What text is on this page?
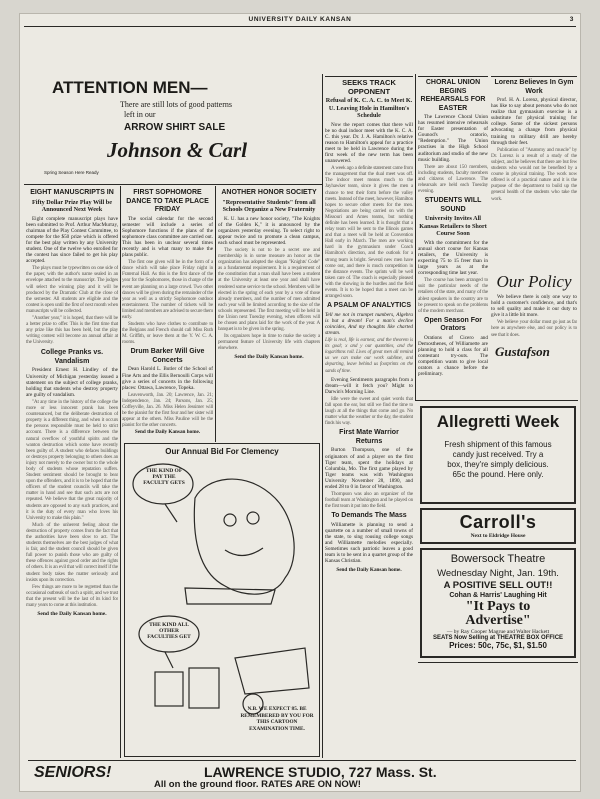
UNIVERSITY DAILY KANSAN	3
ATTENTION MEN—
There are still lots of good patterns
left in our
ARROW SHIRT SALE
Johnson & Carl
Spring Season Here Ready
EIGHT MANUSCRIPTS IN
Fifty Dollar Prize Play Will be Announced Next Week

Eight complete manuscript plays have been submitted to Prof. Arthur MacMurray, chairman of the Play Contest Committee, to compete for the $50 prize which is offered for the best play written by any University student. One of the twelve who enrolled for the contest has since failed to get his play accepted.

The plays must be typewritten on one side of the paper, with the author's name sealed in an envelope attached to the manuscript. The judges will select the winning play and it will be produced by the Dramatic Club at the close of the semester. All students are eligible and the contest is open until the first of next month when manuscripts will be collected.

"Another year," it is hoped, that there will be a better prize to offer. This is the first time that any prize like this has been held, but the play writing contest will become an annual affair at the University.

College Pranks vs. Vandalism

President Ernest H. Lindley of the University of Michigan yesterday issued a statement on the subject of college pranks, holding that students who destroy property are guilty of vandalism.

"At any time in the history of the college the more or less innocent prank has been countenanced, but the deliberate destruction of property is a different thing, and when it occurs the persons responsible must be held to strict account. There is a difference between the natural overflow of youthful spirits and the wanton destruction which some have recently been guilty of. A student who defaces buildings or destroys property belonging to others does an injury not merely to the owner but to the whole body of students whose reputation suffers. Student sentiment should be brought to bear upon the offenders, and it is to be hoped that the officers of the student councils will take the matter in hand and see that such acts are not repeated. We believe that the great majority of students are opposed to any such practices, and it is the duty of every man who loves his University to make this plain."

Much of the unherent feeling about the destruction of property comes from the fact that the authorities have been slow to act. The students themselves are the best judges of what is fair, and the student council should be given full power to punish those who are guilty of these offences against good order and the rights of others. It is an evil that will correct itself if the student body takes the matter seriously and insists upon its correction.

Few things are more to be regretted than the occasional outbreak of such a spirit, and we trust that the present will be the last of its kind for many years to come at this institution.

Send the Daily Kansan home.
FIRST SOPHOMORE DANCE TO TAKE PLACE FRIDAY

The social calendar for the second semester will include a series of Sophomore functions if the plans of the sophomore class committee are carried out. This has been in unclear several times recently and is what many to make the plans public.

The first one given will be in the form of a dance which will take place Friday night in Fraternal Hall. As this is the first dance of the year for the Sophomores, those in charge of the event are planning on a large crowd. Two other dances will be given during the remainder of the year as well as a strictly Sophomore outdoor entertainment. The number of tickets will be limited and members are advised to secure them early.

Students who have clothes to contribute to the Belgians and French should call Miss Ruth M. Griffith, or leave them at the Y. W. C. A. rooms.

Drum Barker Will Give Concerts

Dean Harold L. Butler of the School of Fine Arts and the Ellis Bernoulli Corps will give a series of concerts in the following places: Ottawa, Lawrence, Topeka.

Leavenworth, Jan. 20; Lawrence, Jan. 21; Independence, Jan. 24; Parsons, Jan. 25; Coffeyville, Jan. 26. Miss Helen Jessimer will be the pianist for the first four and her sister will appear at the others. Miss Pauline will be the pianist for the other concerts.

Send the Daily Kansan home.

ANOTHER HONOR SOCIETY
"Representative Students" from all Schools Organize a New Fraternity

K. U. has a new honor society, "The Knights of the Golden K," it is announced by the organizers yesterday evening. To select right to appear twice and to promote a clean campus, each school must be represented.

The society is not to be a secret one and membership is in some measure an honor as the organization has adopted the slogan "Knights' Code" as a fundamental requirement. It is a requirement of the constitution that a man shall have been a student at the University at least one year and shall have rendered some service to the school. Members will be elected in the spring of each year by a vote of those already members, and the number of men admitted each year will be limited according to the size of the schools represented. The first meeting will be held in the Union next Tuesday evening, when officers will be chosen and plans laid for the work of the year. A banquet is to be given in the spring.

Its organizers hope in time to make the society a permanent feature of University life with chapters elsewhere.

Send the Daily Kansan home.
Our Annual Bid For Clemency
THE KIND OF PAY THE FACULTY GETS
THE KIND ALL OTHER FACULTIES GET
N.B. WE EXPECT 85. BE REMEMBERED BY YOU FOR THIS CARTOON EXAMINATION TIME.
SEEKS TRACK OPPONENT
Refusal of K. C. A. C. to Meet K. U. Leaving Hole in Hamilton's Schedule

Now the report comes that there will be no dual indoor meet with the K. C. A. C. this year. Dr. J. A. Hamilton's relative reason to Hamilton's appeal for a practice meet to be held in Lawrence during the first week of the new term has been unanswered.

A week ago a definite statement came from the management that the dual meet was off. The indoor meet means much to the Jayhawker team, since it gives the men a chance to test their form before the valley meets. Instead of the meet, however, Hamilton hopes to secure other meets for the men. Negotiations are being carried on with the Missouri and Ames teams, but nothing definite has been learned. It is thought that a relay team will be sent to the Illinois games and that a meet will be held at Convention Hall early in March. The men are working hard in the gymnasium under Coach Hamilton's direction, and the outlook for a strong team is bright. Several new men have come out, and there is much competition in the distance events. The sprints will be well taken care of. The coach is especially pleased with the showing in the hurdles and the field events. It is to be hoped that a meet can be arranged soon.

A PSALM OF ANALYTICS

Tell me not in trumpet numbers, Algebra is but a dream! For a man's decline coincides, And my thoughts like charted stream.

Life is real, life is earnest, and the theorem is its goal; x and y our quantities, and the logarithms roll. Lives of great men all remind us we can make our work sublime, and departing, leave behind us footprints on the sands of time.

Evening Sentiments paragraphs from a dream—will it fetch you? Might to Darwin's Morning Line.

Idle were the sweet and quiet words that fall upon the ear, but still we find the time to laugh at all the things that come and go. No matter what the weather or the day, the student finds his way.

First Mate Warrior Returns

Burton Thompson, one of the originators of and a player on the first Tiger team, spent the holidays at Columbia, Mo. The first game played by Tiger teams was with Washington University November 28, 1890, and ended 28 to 0 in favor of Washington.

Thompson was also an organizer of the football team at Washington and he played on the first team it put into the field.

To Demands The Mass

Williamette is planning to send a quartette on a number of small towns of the state, to sing rousing college songs and Williamette melodies especially. Sometimes such patriotic leaves a good team is to be sent in a quartet group of the Kansas Christian.

Send the Daily Kansan home.

CHORAL UNION BEGINS REHEARSALS FOR EASTER

The Lawrence Choral Union has resumed intensive rehearsals for Easter presentation of Gounod's oratorio, "Redemption." The Union practises in the High School auditorium and studio of the new music building.

There are about 150 members, including students, faculty members and citizens of Lawrence. The rehearsals are held each Tuesday evening.

STUDENTS WILL SOUND
University Invites All Kansas Retailers to Short Course Soon

With the commitment for the annual short course for Kansas retailers, the University is expecting 75 to 15 freer than in large years as at the corresponding time last year.

The course has been arranged to suit the particular needs of the retailers of the state, and many of the ablest speakers in the country are to be present to speak on the problems of the modern merchant.

Open Season For Orators

Orations of Cicero and Demosthenes, of Williamette are planning to hold a class for all contestant try-outs. The competition wants to give local orators a chance before the preliminary.

Lorenz Believes In Gym Work

Prof. H. A. Lorenz, physical director, has like to say about persons who do not realize that gymnasium exercise is a substitute for physical training for college. Some of the sickest persons advocating a change from physical training to military drill are hereby through their feet.

Publication of "Anatomy and muscle" by Dr. Lorenz is a result of a study of the subject, and he believes that there are but few students who would not be benefited by a course in physical training. The work now offered is of a practical nature and it is the purpose of the department to build up the general health of the students who take the work.

Our Policy

We believe there is only one way to hold a customer's confidence, and that's to sell quality and make it our duty to give it a little bit more.

We believe your dollar must go just as far here as anywhere else, and our policy is to see that it does.

Gustafson
Allegretti Week
Fresh shipment of this famous
candy just received. Try a
box, they're simply delicious.
65c the pound. Here only.
Carroll's
Next to Eldridge House
Bowersock Theatre
Wednesday Night, Jan. 19th.
A POSITIVE SELL OUT!!
Cohan & Harris' Laughing Hit
"It Pays to
Advertise"
— by Ray Cooper Magrue and Walter Hackett
SEATS Now Selling at THEATRE BOX OFFICE
Prices: 50c, 75c, $1, $1.50
SENIORS!	LAWRENCE STUDIO, 727 Mass. St.
All on the ground floor. RATES ARE ON NOW!
